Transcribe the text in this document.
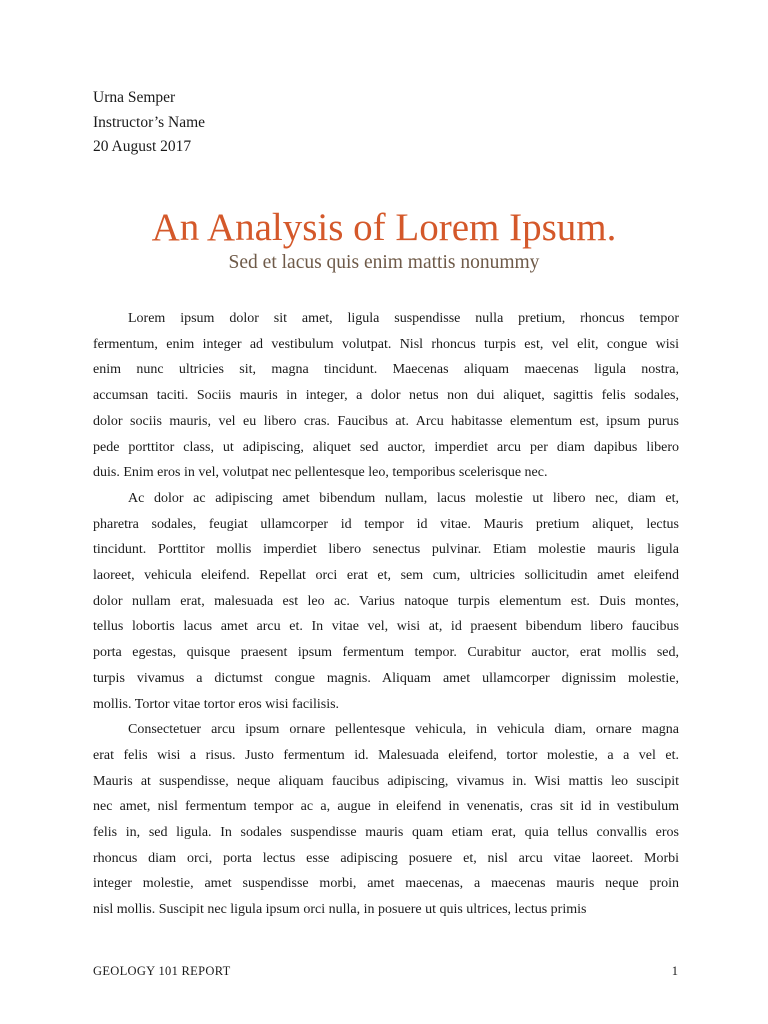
Urna Semper
Instructor’s Name
20 August 2017
An Analysis of Lorem Ipsum.
Sed et lacus quis enim mattis nonummy
Lorem ipsum dolor sit amet, ligula suspendisse nulla pretium, rhoncus tempor
fermentum, enim integer ad vestibulum volutpat. Nisl rhoncus turpis est, vel elit, congue wisi
enim nunc ultricies sit, magna tincidunt. Maecenas aliquam maecenas ligula nostra,
accumsan taciti. Sociis mauris in integer, a dolor netus non dui aliquet, sagittis felis sodales,
dolor sociis mauris, vel eu libero cras. Faucibus at. Arcu habitasse elementum est, ipsum purus
pede porttitor class, ut adipiscing, aliquet sed auctor, imperdiet arcu per diam dapibus libero
duis. Enim eros in vel, volutpat nec pellentesque leo, temporibus scelerisque nec.
Ac dolor ac adipiscing amet bibendum nullam, lacus molestie ut libero nec, diam et,
pharetra sodales, feugiat ullamcorper id tempor id vitae. Mauris pretium aliquet, lectus
tincidunt. Porttitor mollis imperdiet libero senectus pulvinar. Etiam molestie mauris ligula
laoreet, vehicula eleifend. Repellat orci erat et, sem cum, ultricies sollicitudin amet eleifend
dolor nullam erat, malesuada est leo ac. Varius natoque turpis elementum est. Duis montes,
tellus lobortis lacus amet arcu et. In vitae vel, wisi at, id praesent bibendum libero faucibus
porta egestas, quisque praesent ipsum fermentum tempor. Curabitur auctor, erat mollis sed,
turpis vivamus a dictumst congue magnis. Aliquam amet ullamcorper dignissim molestie,
mollis. Tortor vitae tortor eros wisi facilisis.
Consectetuer arcu ipsum ornare pellentesque vehicula, in vehicula diam, ornare magna
erat felis wisi a risus. Justo fermentum id. Malesuada eleifend, tortor molestie, a a vel et.
Mauris at suspendisse, neque aliquam faucibus adipiscing, vivamus in. Wisi mattis leo suscipit
nec amet, nisl fermentum tempor ac a, augue in eleifend in venenatis, cras sit id in vestibulum
felis in, sed ligula. In sodales suspendisse mauris quam etiam erat, quia tellus convallis eros
rhoncus diam orci, porta lectus esse adipiscing posuere et, nisl arcu vitae laoreet. Morbi
integer molestie, amet suspendisse morbi, amet maecenas, a maecenas mauris neque proin
nisl mollis. Suscipit nec ligula ipsum orci nulla, in posuere ut quis ultrices, lectus primis
GEOLOGY 101 REPORT	1
